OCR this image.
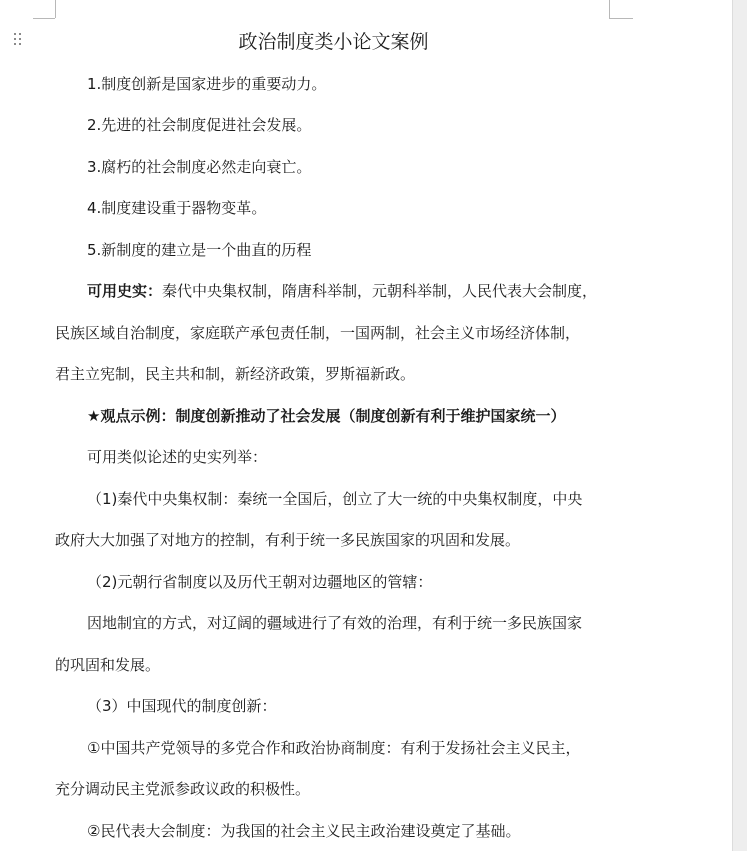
政治制度类小论文案例
1.制度创新是国家进步的重要动力。
2.先进的社会制度促进社会发展。
3.腐朽的社会制度必然走向衰亡。
4.制度建设重于器物变革。
5.新制度的建立是一个曲直的历程
可用史实：秦代中央集权制，隋唐科举制，元朝科举制，人民代表大会制度，
民族区域自治制度，家庭联产承包责任制，一国两制，社会主义市场经济体制，
君主立宪制，民主共和制，新经济政策，罗斯福新政。
★观点示例：制度创新推动了社会发展（制度创新有利于维护国家统一）
可用类似论述的史实列举：
（1)秦代中央集权制：秦统一全国后，创立了大一统的中央集权制度，中央
政府大大加强了对地方的控制，有利于统一多民族国家的巩固和发展。
（2)元朝行省制度以及历代王朝对边疆地区的管辖：
因地制宜的方式，对辽阔的疆域进行了有效的治理，有利于统一多民族国家
的巩固和发展。
（3）中国现代的制度创新：
①中国共产党领导的多党合作和政治协商制度：有利于发扬社会主义民主，
充分调动民主党派参政议政的积极性。
②民代表大会制度：为我国的社会主义民主政治建设奠定了基础。
